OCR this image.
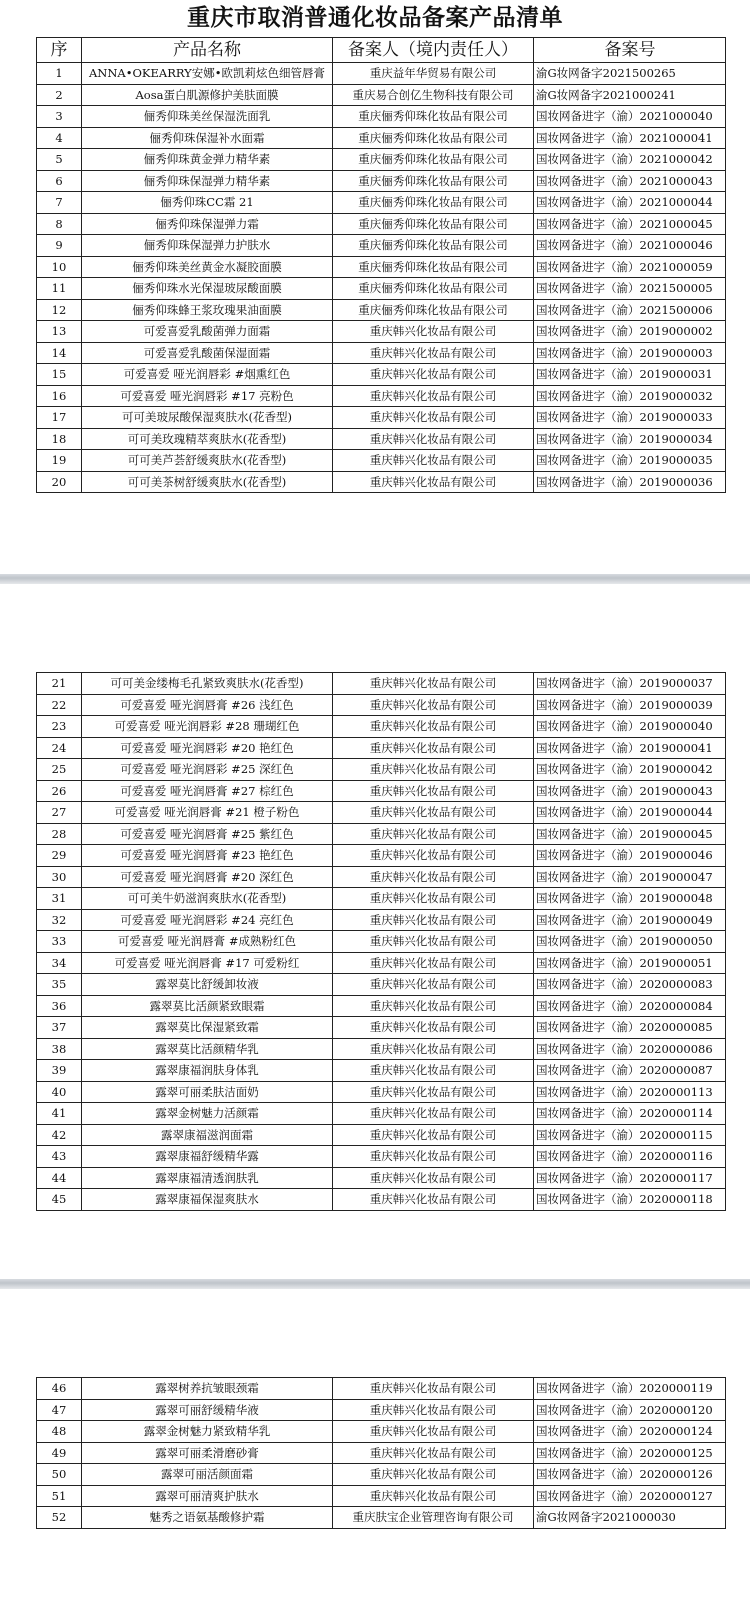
重庆市取消普通化妆品备案产品清单
序	产品名称	备案人（境内责任人）	备案号
1	ANNA•OKEARRY安娜•欧凯莉炫色细管唇膏	重庆益年华贸易有限公司	渝G妆网备字2021500265
2	Aosa蛋白肌源修护美肤面膜	重庆易合创亿生物科技有限公司	渝G妆网备字2021000241
3	俪秀仰珠美丝保湿洗面乳	重庆俪秀仰珠化妆品有限公司	国妆网备进字（渝）2021000040
4	俪秀仰珠保湿补水面霜	重庆俪秀仰珠化妆品有限公司	国妆网备进字（渝）2021000041
5	俪秀仰珠黄金弹力精华素	重庆俪秀仰珠化妆品有限公司	国妆网备进字（渝）2021000042
6	俪秀仰珠保湿弹力精华素	重庆俪秀仰珠化妆品有限公司	国妆网备进字（渝）2021000043
7	俪秀仰珠CC霜 21	重庆俪秀仰珠化妆品有限公司	国妆网备进字（渝）2021000044
8	俪秀仰珠保湿弹力霜	重庆俪秀仰珠化妆品有限公司	国妆网备进字（渝）2021000045
9	俪秀仰珠保湿弹力护肤水	重庆俪秀仰珠化妆品有限公司	国妆网备进字（渝）2021000046
10	俪秀仰珠美丝黄金水凝胶面膜	重庆俪秀仰珠化妆品有限公司	国妆网备进字（渝）2021000059
11	俪秀仰珠水光保湿玻尿酸面膜	重庆俪秀仰珠化妆品有限公司	国妆网备进字（渝）2021500005
12	俪秀仰珠蜂王浆玫瑰果油面膜	重庆俪秀仰珠化妆品有限公司	国妆网备进字（渝）2021500006
13	可爱喜爱乳酸菌弹力面霜	重庆韩兴化妆品有限公司	国妆网备进字（渝）2019000002
14	可爱喜爱乳酸菌保湿面霜	重庆韩兴化妆品有限公司	国妆网备进字（渝）2019000003
15	可爱喜爱 哑光润唇彩 #烟熏红色	重庆韩兴化妆品有限公司	国妆网备进字（渝）2019000031
16	可爱喜爱 哑光润唇彩 #17 亮粉色	重庆韩兴化妆品有限公司	国妆网备进字（渝）2019000032
17	可可美玻尿酸保湿爽肤水(花香型)	重庆韩兴化妆品有限公司	国妆网备进字（渝）2019000033
18	可可美玫瑰精萃爽肤水(花香型)	重庆韩兴化妆品有限公司	国妆网备进字（渝）2019000034
19	可可美芦荟舒缓爽肤水(花香型)	重庆韩兴化妆品有限公司	国妆网备进字（渝）2019000035
20	可可美茶树舒缓爽肤水(花香型)	重庆韩兴化妆品有限公司	国妆网备进字（渝）2019000036
21	可可美金缕梅毛孔紧致爽肤水(花香型)	重庆韩兴化妆品有限公司	国妆网备进字（渝）2019000037
22	可爱喜爱 哑光润唇膏 #26 浅红色	重庆韩兴化妆品有限公司	国妆网备进字（渝）2019000039
23	可爱喜爱 哑光润唇彩 #28 珊瑚红色	重庆韩兴化妆品有限公司	国妆网备进字（渝）2019000040
24	可爱喜爱 哑光润唇彩 #20 艳红色	重庆韩兴化妆品有限公司	国妆网备进字（渝）2019000041
25	可爱喜爱 哑光润唇彩 #25 深红色	重庆韩兴化妆品有限公司	国妆网备进字（渝）2019000042
26	可爱喜爱 哑光润唇膏 #27 棕红色	重庆韩兴化妆品有限公司	国妆网备进字（渝）2019000043
27	可爱喜爱 哑光润唇膏 #21 橙子粉色	重庆韩兴化妆品有限公司	国妆网备进字（渝）2019000044
28	可爱喜爱 哑光润唇膏 #25 紫红色	重庆韩兴化妆品有限公司	国妆网备进字（渝）2019000045
29	可爱喜爱 哑光润唇膏 #23 艳红色	重庆韩兴化妆品有限公司	国妆网备进字（渝）2019000046
30	可爱喜爱 哑光润唇膏 #20 深红色	重庆韩兴化妆品有限公司	国妆网备进字（渝）2019000047
31	可可美牛奶滋润爽肤水(花香型)	重庆韩兴化妆品有限公司	国妆网备进字（渝）2019000048
32	可爱喜爱 哑光润唇彩 #24 亮红色	重庆韩兴化妆品有限公司	国妆网备进字（渝）2019000049
33	可爱喜爱 哑光润唇膏 #成熟粉红色	重庆韩兴化妆品有限公司	国妆网备进字（渝）2019000050
34	可爱喜爱 哑光润唇膏 #17 可爱粉红	重庆韩兴化妆品有限公司	国妆网备进字（渝）2019000051
35	露翠莫比舒缓卸妆液	重庆韩兴化妆品有限公司	国妆网备进字（渝）2020000083
36	露翠莫比活颜紧致眼霜	重庆韩兴化妆品有限公司	国妆网备进字（渝）2020000084
37	露翠莫比保湿紧致霜	重庆韩兴化妆品有限公司	国妆网备进字（渝）2020000085
38	露翠莫比活颜精华乳	重庆韩兴化妆品有限公司	国妆网备进字（渝）2020000086
39	露翠康福润肤身体乳	重庆韩兴化妆品有限公司	国妆网备进字（渝）2020000087
40	露翠可丽柔肤洁面奶	重庆韩兴化妆品有限公司	国妆网备进字（渝）2020000113
41	露翠金树魅力活颜霜	重庆韩兴化妆品有限公司	国妆网备进字（渝）2020000114
42	露翠康福滋润面霜	重庆韩兴化妆品有限公司	国妆网备进字（渝）2020000115
43	露翠康福舒缓精华露	重庆韩兴化妆品有限公司	国妆网备进字（渝）2020000116
44	露翠康福清透润肤乳	重庆韩兴化妆品有限公司	国妆网备进字（渝）2020000117
45	露翠康福保湿爽肤水	重庆韩兴化妆品有限公司	国妆网备进字（渝）2020000118
46	露翠树养抗皱眼颈霜	重庆韩兴化妆品有限公司	国妆网备进字（渝）2020000119
47	露翠可丽舒缓精华液	重庆韩兴化妆品有限公司	国妆网备进字（渝）2020000120
48	露翠金树魅力紧致精华乳	重庆韩兴化妆品有限公司	国妆网备进字（渝）2020000124
49	露翠可丽柔滑磨砂膏	重庆韩兴化妆品有限公司	国妆网备进字（渝）2020000125
50	露翠可丽活颜面霜	重庆韩兴化妆品有限公司	国妆网备进字（渝）2020000126
51	露翠可丽清爽护肤水	重庆韩兴化妆品有限公司	国妆网备进字（渝）2020000127
52	魅秀之语氨基酸修护霜	重庆肤宝企业管理咨询有限公司	渝G妆网备字2021000030
